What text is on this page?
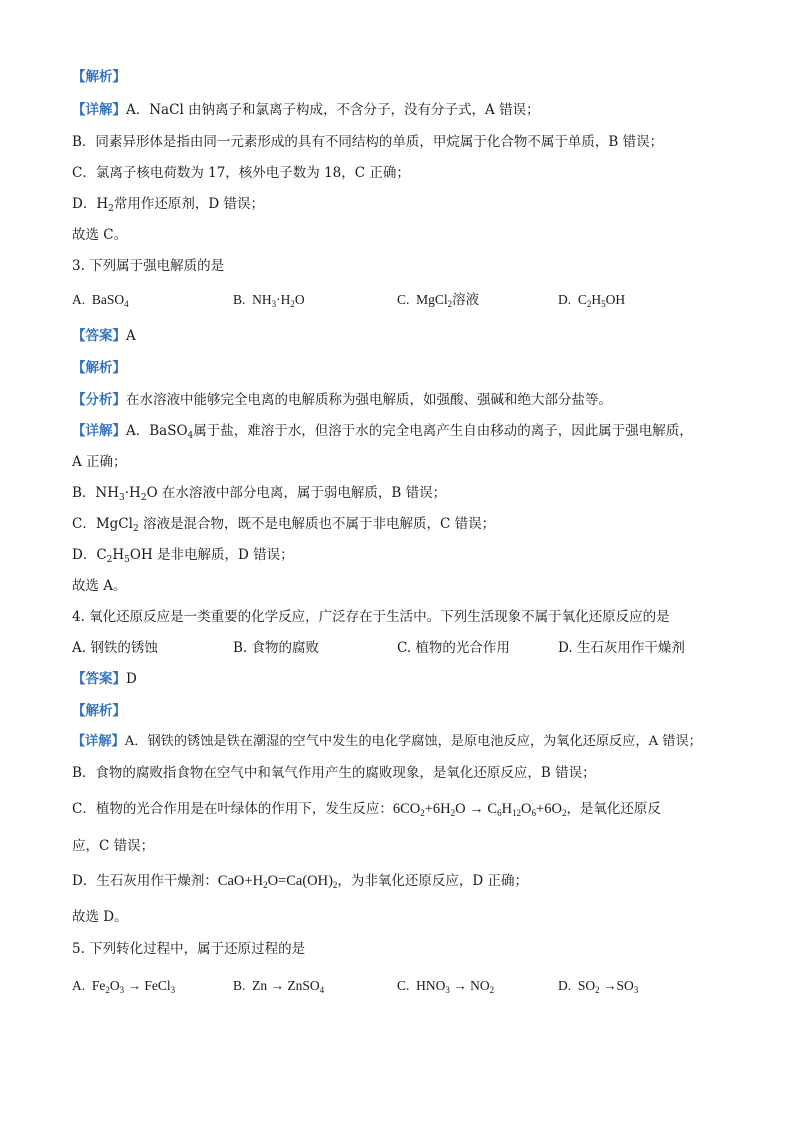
【解析】
【详解】A．NaCl 由钠离子和氯离子构成，不含分子，没有分子式，A 错误；
B．同素异形体是指由同一元素形成的具有不同结构的单质，甲烷属于化合物不属于单质，B 错误；
C．氯离子核电荷数为 17，核外电子数为 18，C 正确；
D．$H_2$常用作还原剂，D 错误；
故选 C。
3. 下列属于强电解质的是
A.  BaSO$_4$	B.  $NH_3\cdot H_2O$	C.  MgCl$_2$溶液	D.  $C_2H_5OH$
【答案】A
【解析】
【分析】在水溶液中能够完全电离的电解质称为强电解质，如强酸、强碱和绝大部分盐等。
【详解】A．BaSO$_4$属于盐，难溶于水，但溶于水的完全电离产生自由移动的离子，因此属于强电解质，
A 正确；
B．$NH_3\cdot H_2O$ 在水溶液中部分电离，属于弱电解质，B 错误；
C．MgCl$_2$ 溶液是混合物，既不是电解质也不属于非电解质，C 错误；
D．$C_2H_5OH$ 是非电解质，D 错误；
故选 A。
4. 氧化还原反应是一类重要的化学反应，广泛存在于生活中。下列生活现象不属于氧化还原反应的是
A. 钢铁的锈蚀	B. 食物的腐败	C. 植物的光合作用	D. 生石灰用作干燥剂
【答案】D
【解析】
【详解】A．钢铁的锈蚀是铁在潮湿的空气中发生的电化学腐蚀，是原电池反应，为氧化还原反应，A 错误；
B．食物的腐败指食物在空气中和氧气作用产生的腐败现象，是氧化还原反应，B 错误；
C．植物的光合作用是在叶绿体的作用下，发生反应：$6CO_2+6H_2O \to C_6H_{12}O_6+6O_2$，是氧化还原反
应，C 错误；
D．生石灰用作干燥剂：$CaO+H_2O=Ca(OH)_2$，为非氧化还原反应，D 正确；
故选 D。
5. 下列转化过程中，属于还原过程的是
A.  $Fe_2O_3$ → FeCl$_3$	B.  Zn → ZnSO$_4$	C.  $HNO_3 \to NO_2$	D.  $SO_2 \to SO_3$
